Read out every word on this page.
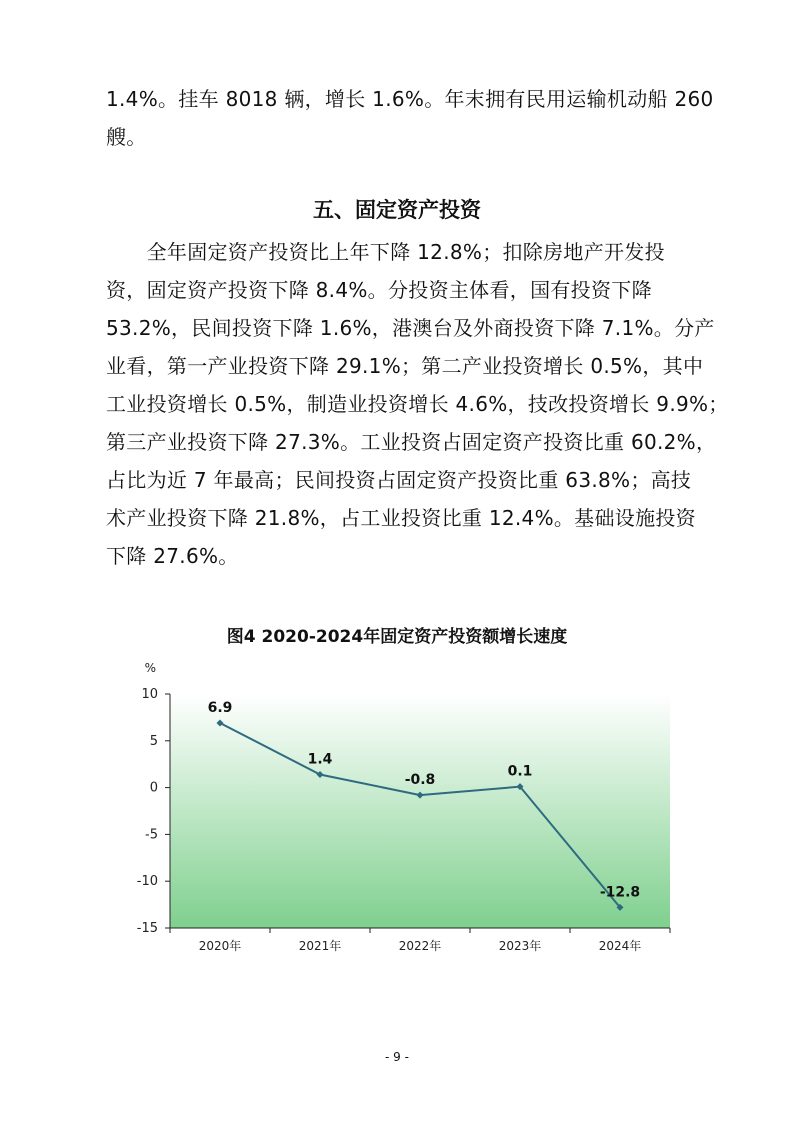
1.4%。挂车 8018 辆，增长 1.6%。年末拥有民用运输机动船 260
艘。
五、固定资产投资
　　全年固定资产投资比上年下降 12.8%；扣除房地产开发投
资，固定资产投资下降 8.4%。分投资主体看，国有投资下降
53.2%，民间投资下降 1.6%，港澳台及外商投资下降 7.1%。分产
业看，第一产业投资下降 29.1%；第二产业投资增长 0.5%，其中
工业投资增长 0.5%，制造业投资增长 4.6%，技改投资增长 9.9%；
第三产业投资下降 27.3%。工业投资占固定资产投资比重 60.2%，
占比为近 7 年最高；民间投资占固定资产投资比重 63.8%；高技
术产业投资下降 21.8%，占工业投资比重 12.4%。基础设施投资
下降 27.6%。
图4 2020-2024年固定资产投资额增长速度
%
10
5
0
-5
-10
-15
2020年	2021年	2022年	2023年	2024年
6.9
1.4
-0.8
0.1
-12.8
- 9 -
